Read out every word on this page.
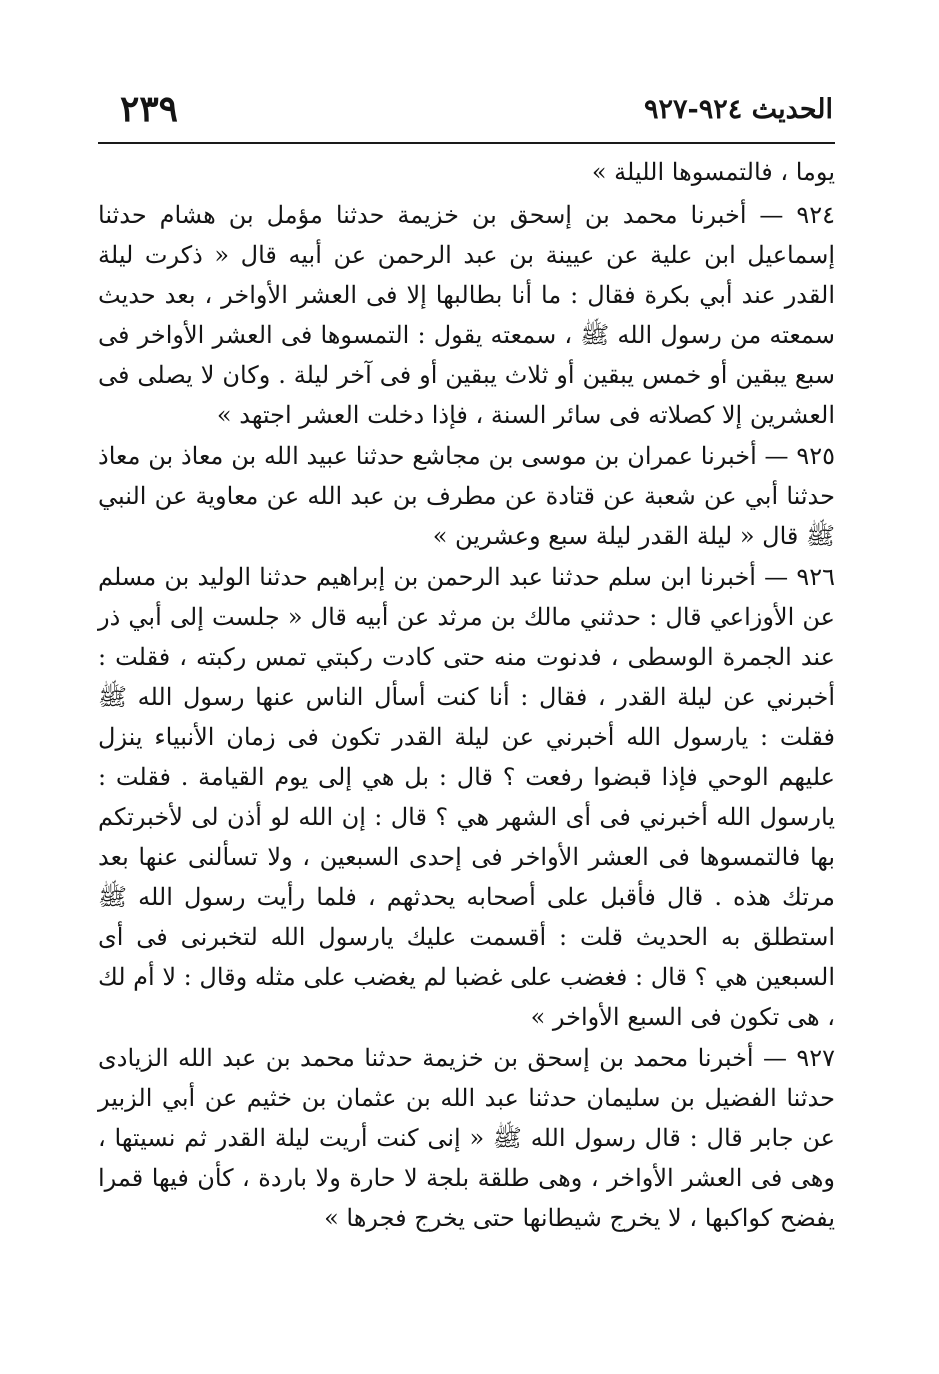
الحديث ٩٢٤-٩٢٧
٢٣٩

يوما ، فالتمسوها الليلة »

٩٢٤ — أخبرنا محمد بن إسحق بن خزيمة حدثنا مؤمل بن هشام حدثنا إسماعيل ابن علية عن عيينة بن عبد الرحمن عن أبيه قال « ذكرت ليلة القدر عند أبي بكرة فقال : ما أنا بطالبها إلا فى العشر الأواخر ، بعد حديث سمعته من رسول الله ﷺ ، سمعته يقول : التمسوها فى العشر الأواخر فى سبع يبقين أو خمس يبقين أو ثلاث يبقين أو فى آخر ليلة . وكان لا يصلى فى العشرين إلا كصلاته فى سائر السنة ، فإذا دخلت العشر اجتهد »

٩٢٥ — أخبرنا عمران بن موسى بن مجاشع حدثنا عبيد الله بن معاذ بن معاذ حدثنا أبي عن شعبة عن قتادة عن مطرف بن عبد الله عن معاوية عن النبي ﷺ قال « ليلة القدر ليلة سبع وعشرين »

٩٢٦ — أخبرنا ابن سلم حدثنا عبد الرحمن بن إبراهيم حدثنا الوليد بن مسلم عن الأوزاعي قال : حدثني مالك بن مرثد عن أبيه قال « جلست إلى أبي ذر عند الجمرة الوسطى ، فدنوت منه حتى كادت ركبتي تمس ركبته ، فقلت : أخبرني عن ليلة القدر ، فقال : أنا كنت أسأل الناس عنها رسول الله ﷺ فقلت : يارسول الله أخبرني عن ليلة القدر تكون فى زمان الأنبياء ينزل عليهم الوحي فإذا قبضوا رفعت ؟ قال : بل هي إلى يوم القيامة . فقلت : يارسول الله أخبرني فى أى الشهر هي ؟ قال : إن الله لو أذن لى لأخبرتكم بها فالتمسوها فى العشر الأواخر فى إحدى السبعين ، ولا تسألنى عنها بعد مرتك هذه . قال فأقبل على أصحابه يحدثهم ، فلما رأيت رسول الله ﷺ استطلق به الحديث قلت : أقسمت عليك يارسول الله لتخبرنى فى أى السبعين هي ؟ قال : فغضب على غضبا لم يغضب على مثله وقال : لا أم لك ، هى تكون فى السبع الأواخر »

٩٢٧ — أخبرنا محمد بن إسحق بن خزيمة حدثنا محمد بن عبد الله الزيادى حدثنا الفضيل بن سليمان حدثنا عبد الله بن عثمان بن خثيم عن أبي الزبير عن جابر قال : قال رسول الله ﷺ « إنى كنت أريت ليلة القدر ثم نسيتها ، وهى فى العشر الأواخر ، وهى طلقة بلجة لا حارة ولا باردة ، كأن فيها قمرا يفضح كواكبها ، لا يخرج شيطانها حتى يخرج فجرها »
